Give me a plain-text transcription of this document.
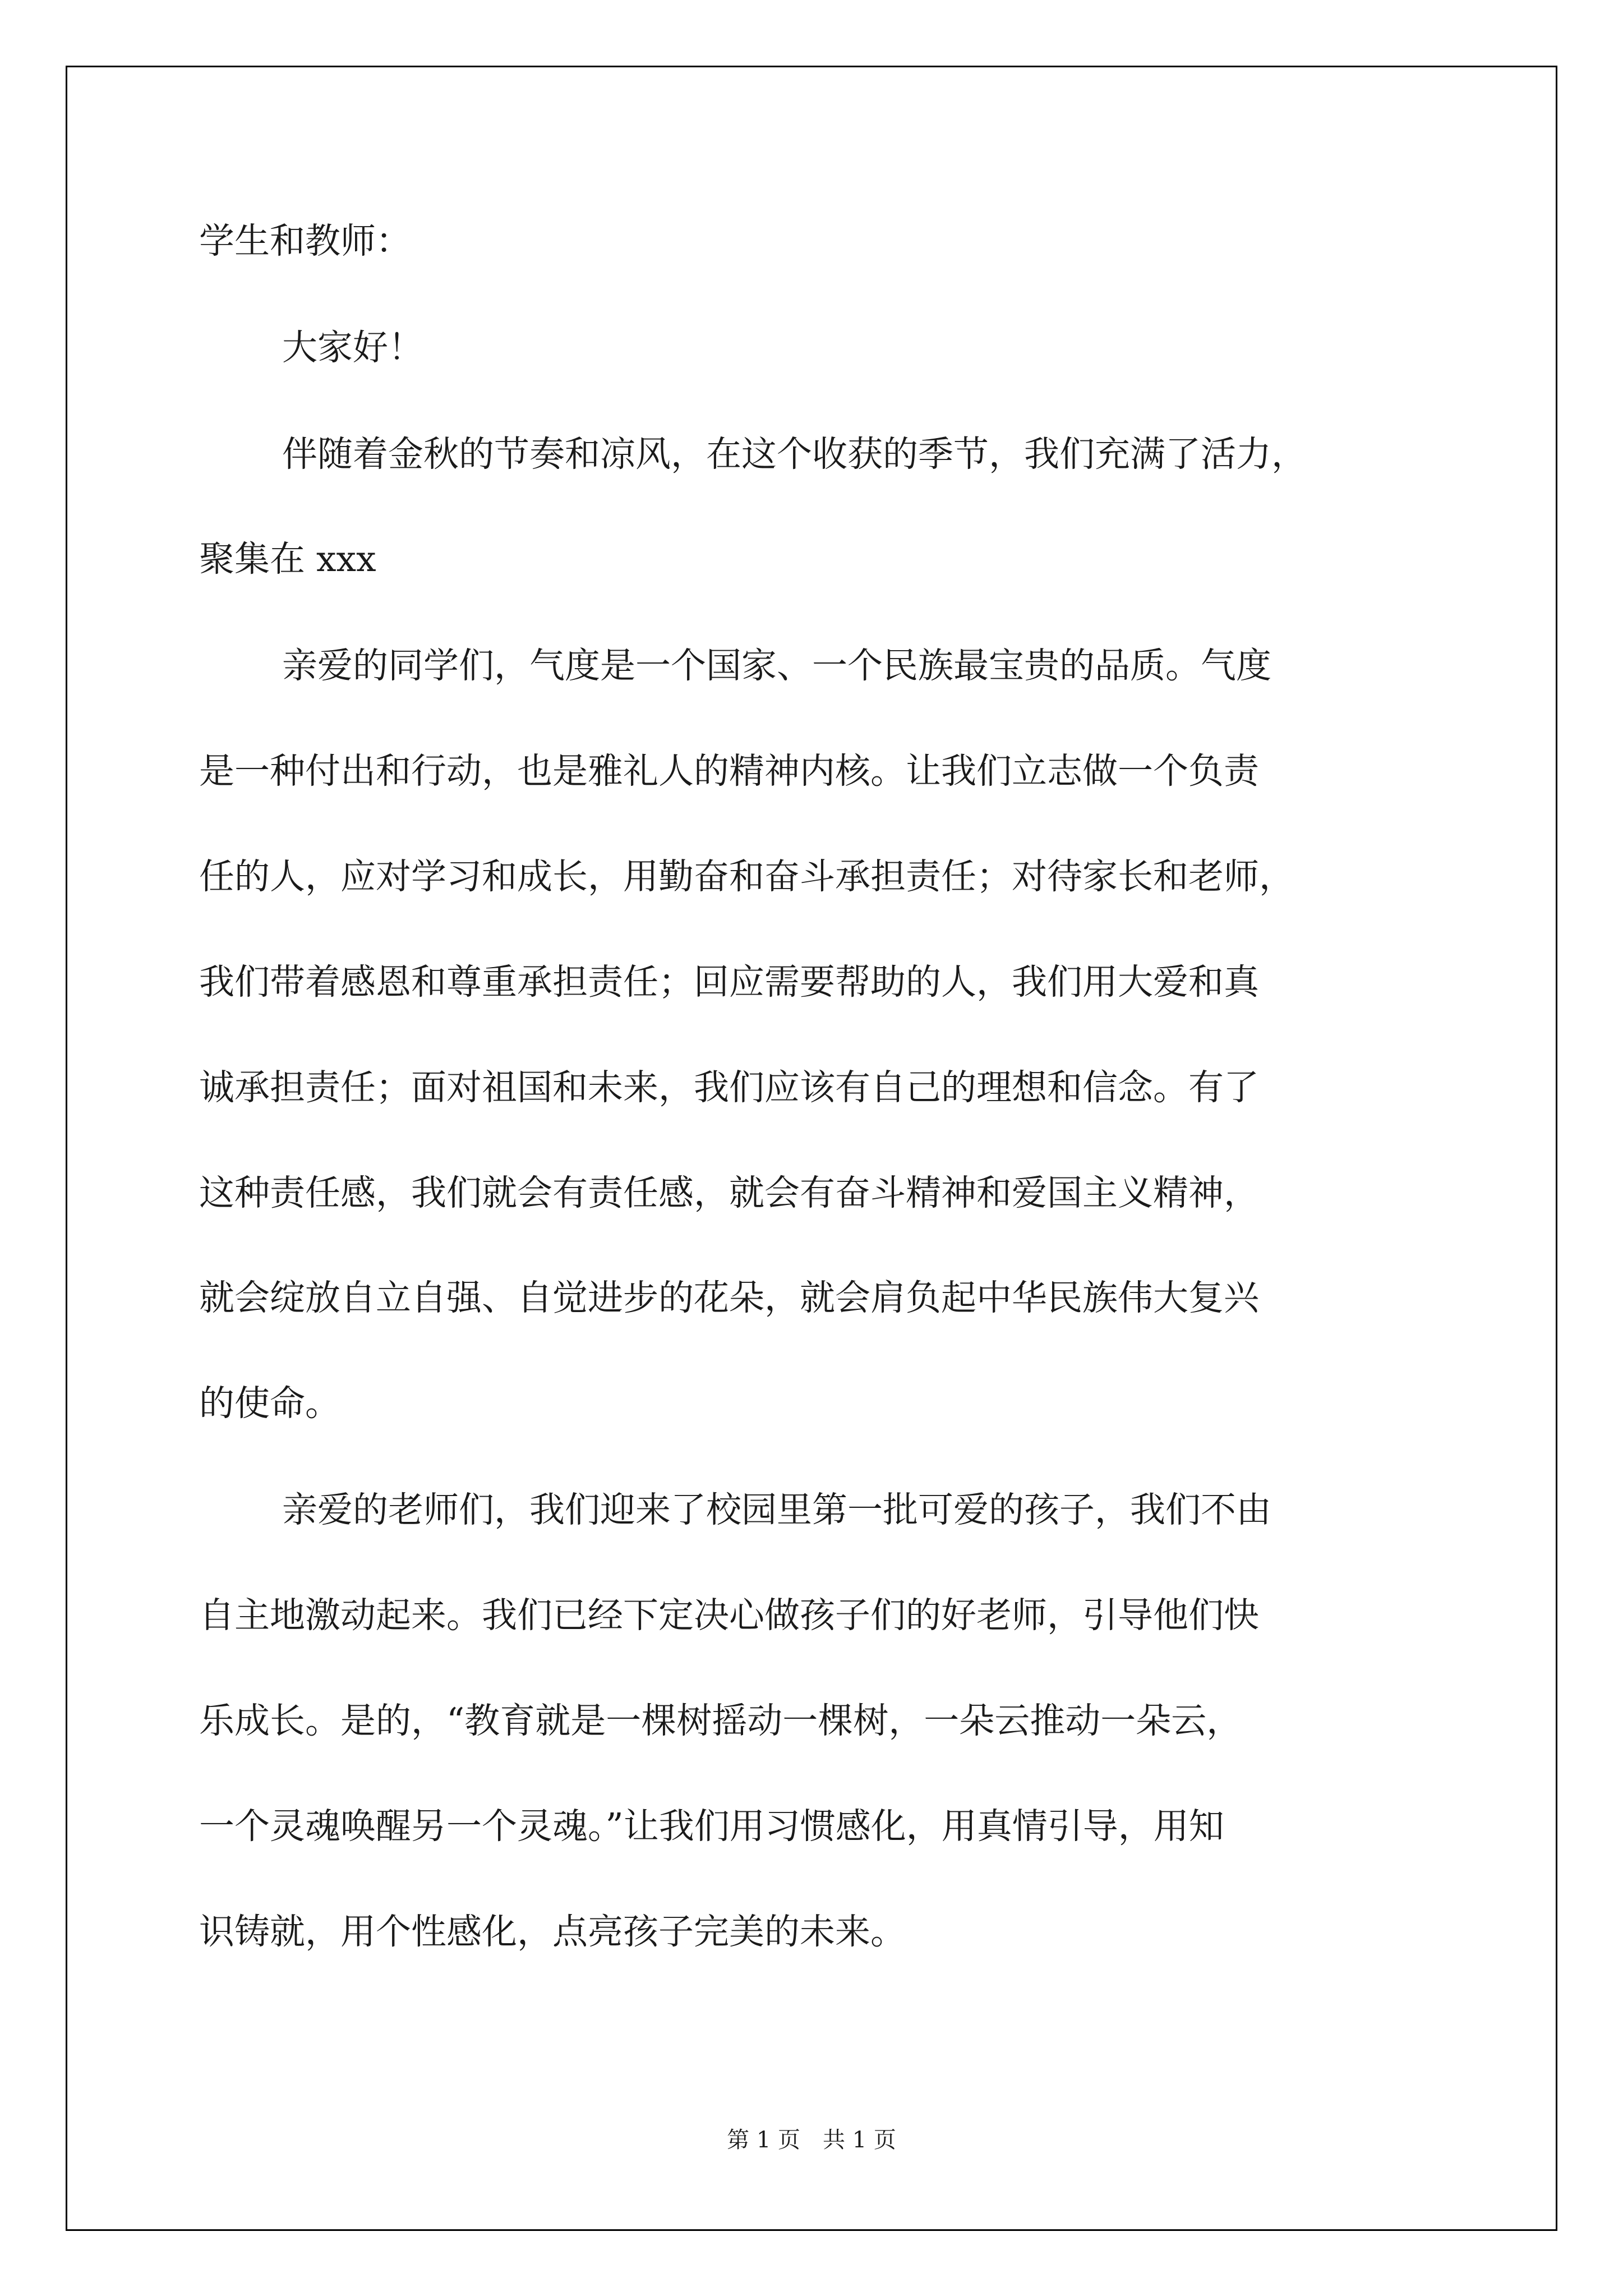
学生和教师：
大家好！
伴随着金秋的节奏和凉风，在这个收获的季节，我们充满了活力，
聚集在 xxx
亲爱的同学们，气度是一个国家、一个民族最宝贵的品质。气度
是一种付出和行动，也是雅礼人的精神内核。让我们立志做一个负责
任的人，应对学习和成长，用勤奋和奋斗承担责任；对待家长和老师，
我们带着感恩和尊重承担责任；回应需要帮助的人，我们用大爱和真
诚承担责任；面对祖国和未来，我们应该有自己的理想和信念。有了
这种责任感，我们就会有责任感，就会有奋斗精神和爱国主义精神，
就会绽放自立自强、自觉进步的花朵，就会肩负起中华民族伟大复兴
的使命。
亲爱的老师们，我们迎来了校园里第一批可爱的孩子，我们不由
自主地激动起来。我们已经下定决心做孩子们的好老师，引导他们快
乐成长。是的，“教育就是一棵树摇动一棵树，一朵云推动一朵云，
一个灵魂唤醒另一个灵魂。”让我们用习惯感化，用真情引导，用知
识铸就，用个性感化，点亮孩子完美的未来。
第 1 页　共 1 页
